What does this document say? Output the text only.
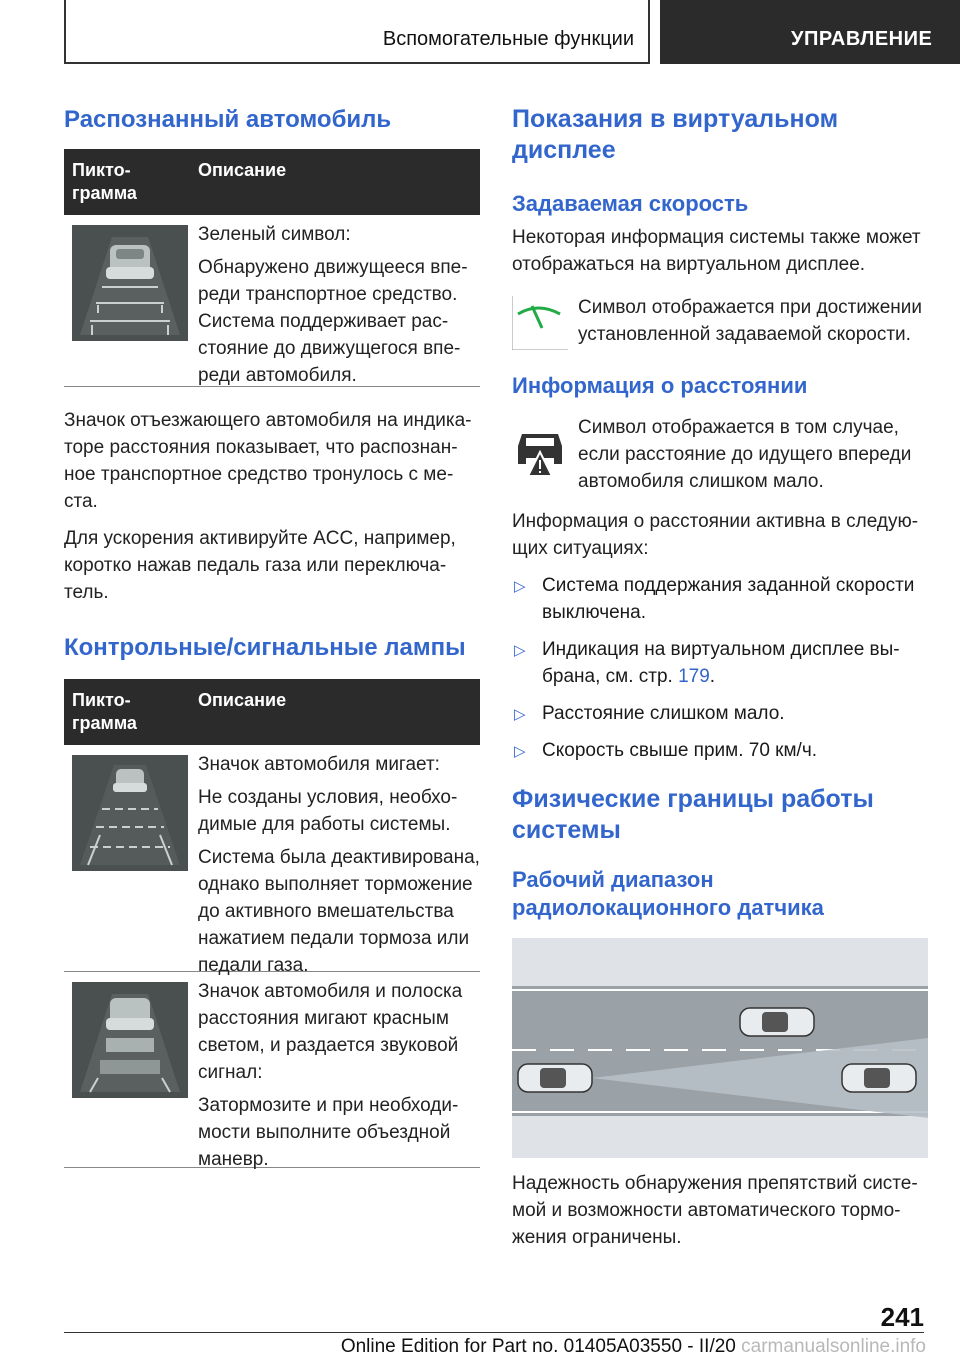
Вспомогательные функции	УПРАВЛЕНИЕ
Распознанный автомобиль
Пикто-грамма
Описание
Зеленый символ:
Обнаружено движущееся впе-реди транспортное средство. Система поддерживает рас-стояние до движущегося впе-реди автомобиля.
Значок отъезжающего автомобиля на индика-торе расстояния показывает, что распознан-ное транспортное средство тронулось с ме-ста.
Для ускорения активируйте ACC, например, коротко нажав педаль газа или переключа-тель.
Контрольные/сигнальные лампы
Пикто-грамма
Описание
Значок автомобиля мигает:
Не созданы условия, необхо-димые для работы системы.
Система была деактивирована, однако выполняет торможение до активного вмешательства нажатием педали тормоза или педали газа.
Значок автомобиля и полоска расстояния мигают красным светом, и раздается звуковой сигнал:
Затормозите и при необходи-мости выполните объездной маневр.
Показания в виртуальном дисплее
Задаваемая скорость
Некоторая информация системы также может отображаться на виртуальном дисплее.
Символ отображается при достижении установленной задаваемой скорости.
Информация о расстоянии
Символ отображается в том случае, если расстояние до идущего впереди автомобиля слишком мало.
Информация о расстоянии активна в следую-щих ситуациях:
▷ Система поддержания заданной скорости выключена.
▷ Индикация на виртуальном дисплее вы-брана, см. стр. 179.
▷ Расстояние слишком мало.
▷ Скорость свыше прим. 70 км/ч.
Физические границы работы системы
Рабочий диапазон радиолокационного датчика
Надежность обнаружения препятствий систе-мой и возможности автоматического тормо-жения ограничены.
241
Online Edition for Part no. 01405A03550 - II/20 carmanualsonline.info
